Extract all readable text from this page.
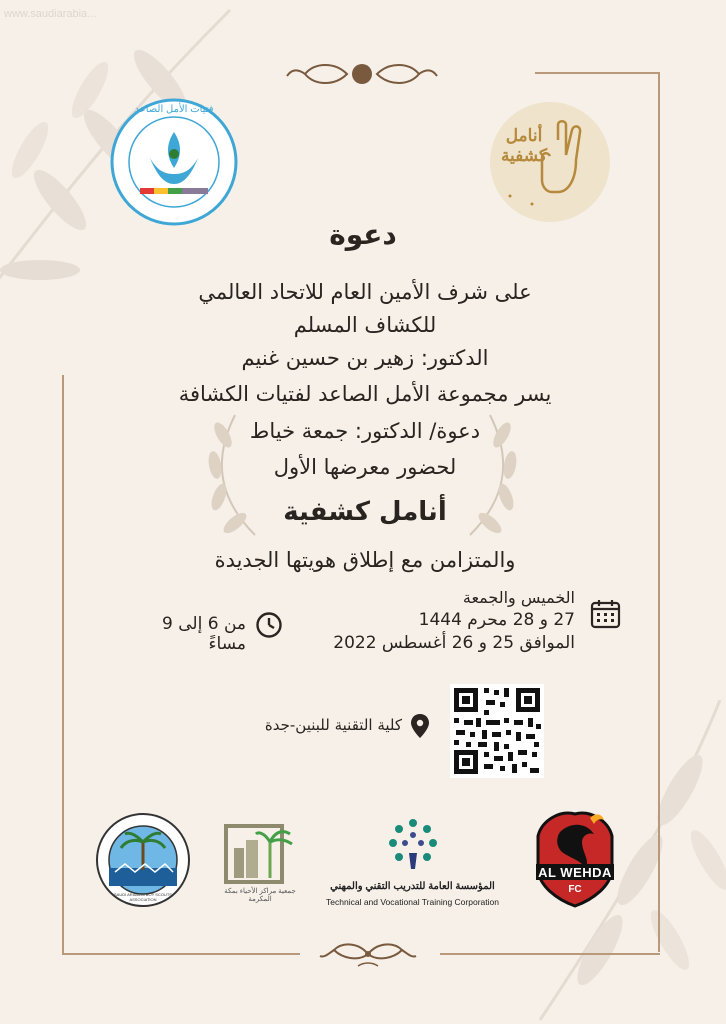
www.saudiarabia...
فتيات الأمل الصاعد
أنامل كشفية
دعوة
على شرف الأمين العام للاتحاد العالمي
للكشاف المسلم
الدكتور: زهير بن حسين غنيم
يسر مجموعة الأمل الصاعد لفتيات الكشافة
دعوة/ الدكتور: جمعة خياط
لحضور معرضها الأول
أنامل كشفية
والمتزامن مع إطلاق هويتها الجديدة
الخميس والجمعة
27 و 28 محرم 1444
الموافق 25 و 26 أغسطس 2022
من 6 إلى 9 مساءً
كلية التقنية للبنين-جدة
SAUDI ARABIAN BOY SCOUTS ASSOCIATION
جمعية مراكز الأحياء بمكة المكرمة
المؤسسة العامة للتدريب التقني والمهني
Technical and Vocational Training Corporation
AL WEHDA
FC
